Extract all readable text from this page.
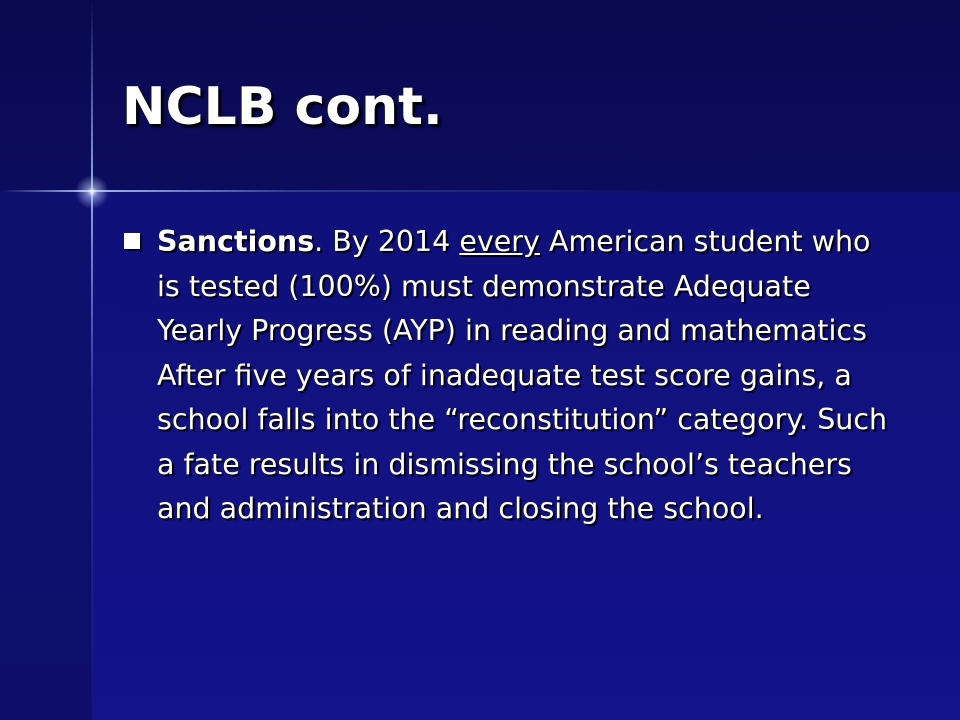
NCLB cont.

Sanctions. By 2014 every American student who is tested (100%) must demonstrate Adequate Yearly Progress (AYP) in reading and mathematics After five years of inadequate test score gains, a school falls into the “reconstitution” category. Such a fate results in dismissing the school’s teachers and administration and closing the school.
